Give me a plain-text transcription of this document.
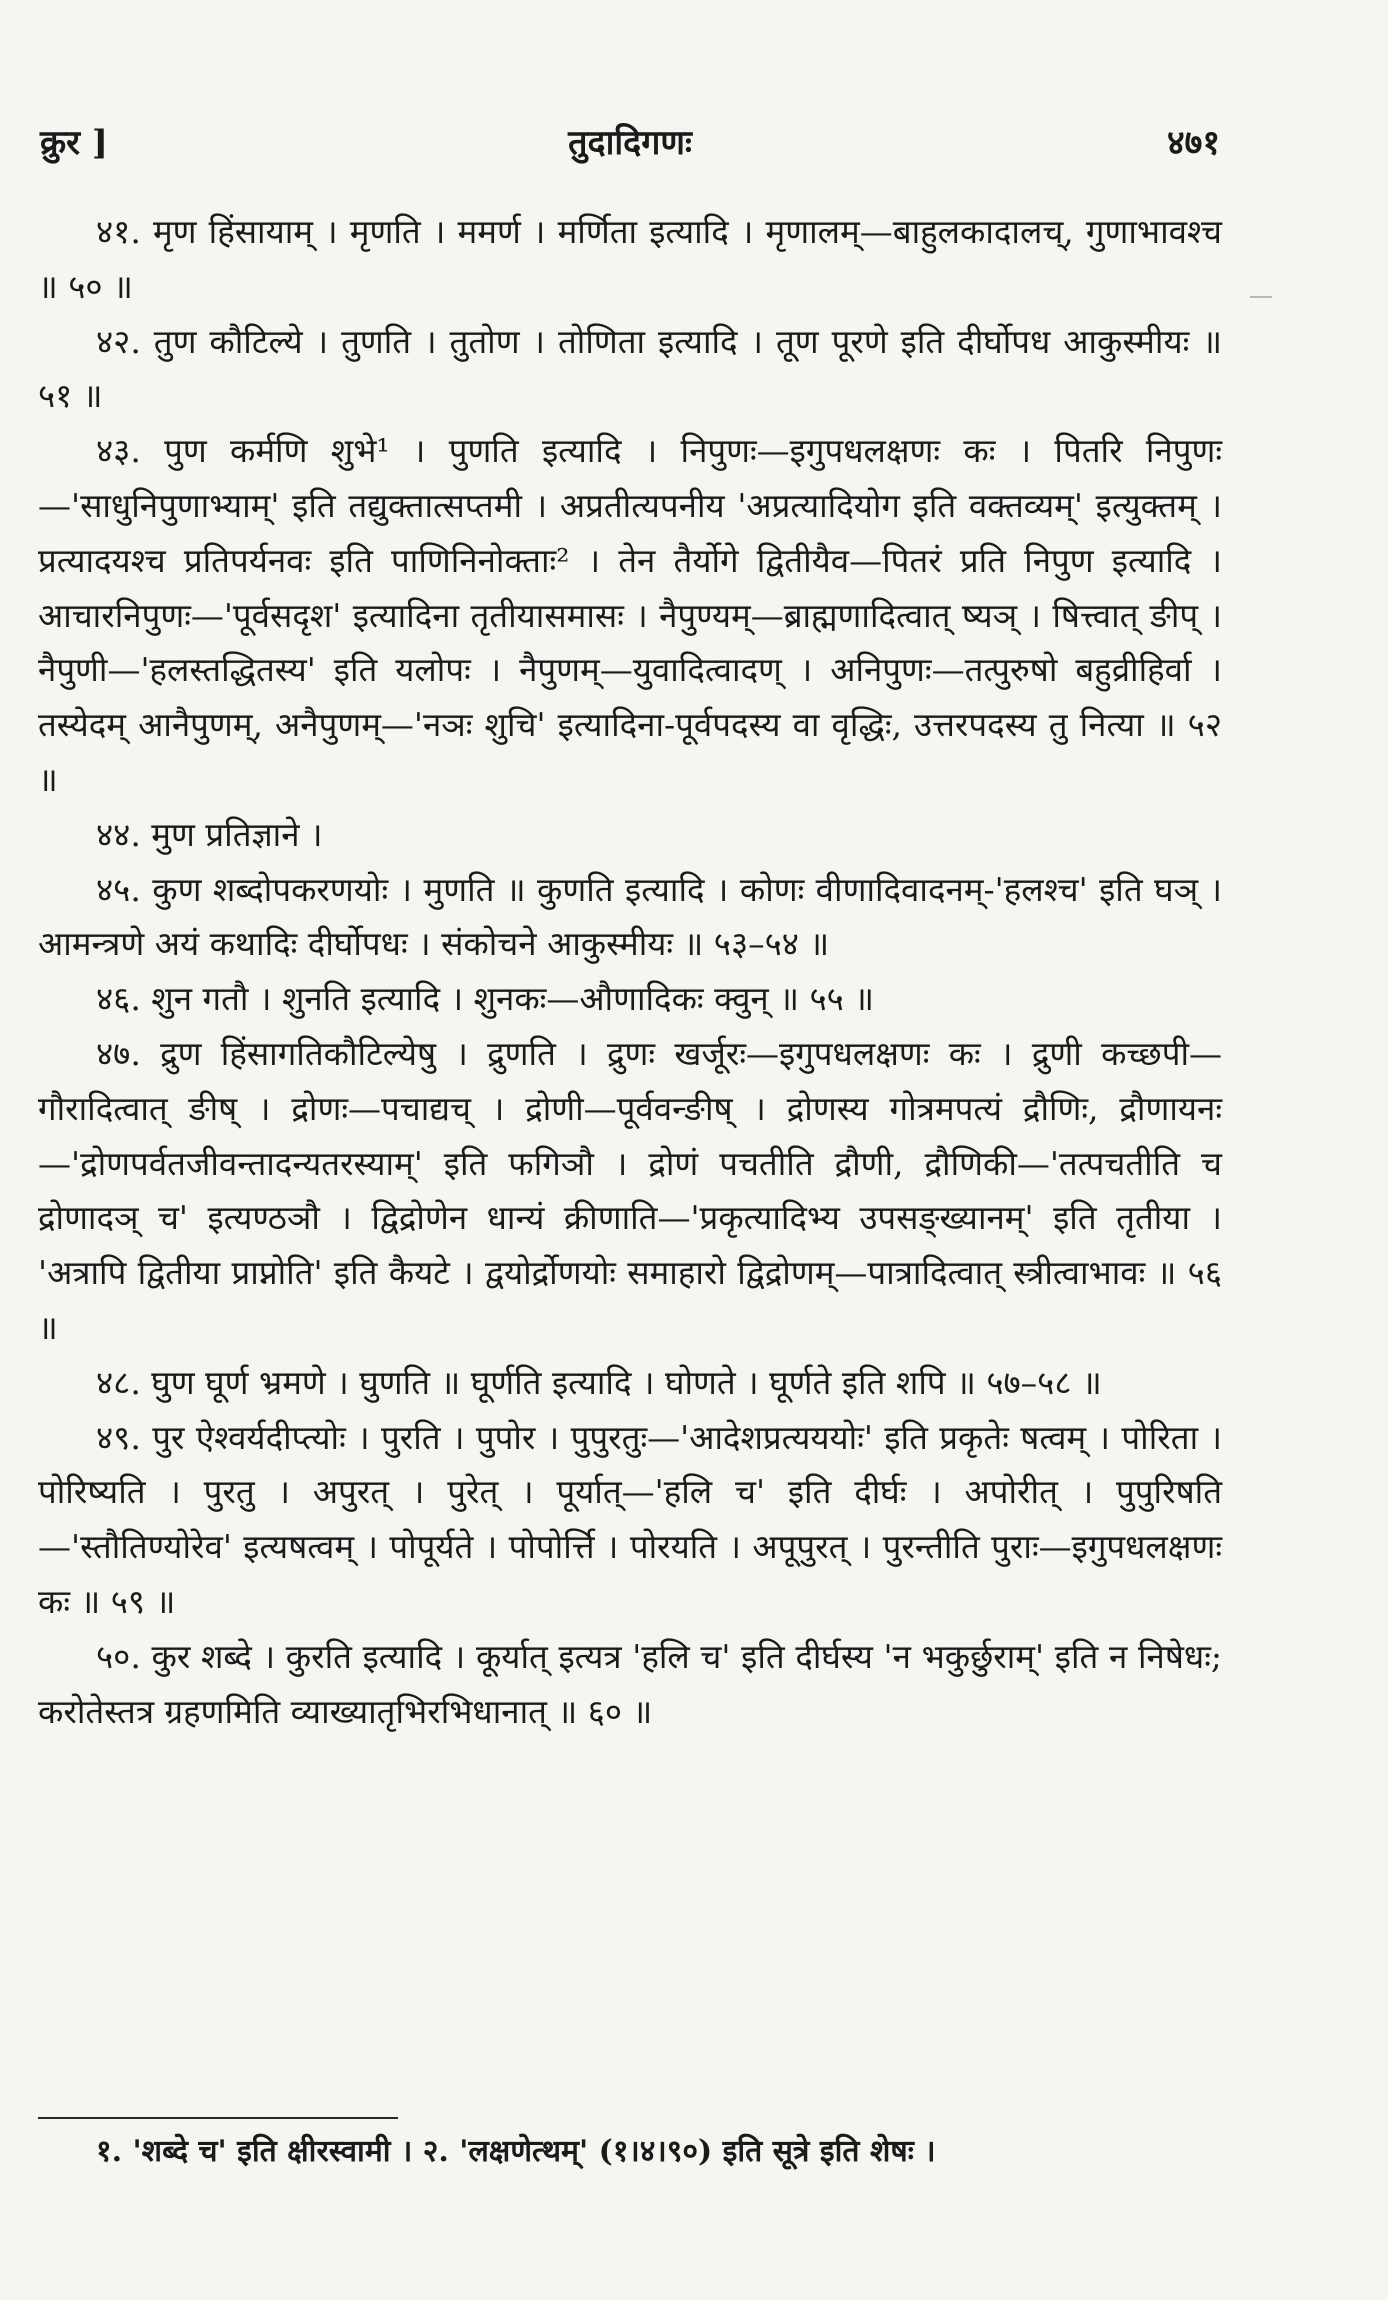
क्रुर ]	तुदादिगणः	४७१

४१. मृण हिंसायाम् । मृणति । ममर्ण । मर्णिता इत्यादि । मृणालम्—बाहुलकादालच्, गुणाभावश्च ॥ ५० ॥

४२. तुण कौटिल्ये । तुणति । तुतोण । तोणिता इत्यादि । तूण पूरणे इति दीर्घोपध आकुस्मीयः ॥ ५१ ॥

४३. पुण कर्मणि शुभे¹ । पुणति इत्यादि । निपुणः—इगुपधलक्षणः कः । पितरि निपुणः—'साधुनिपुणाभ्याम्' इति तद्युक्तात्सप्तमी । अप्रतीत्यपनीय 'अप्रत्यादियोग इति वक्तव्यम्' इत्युक्तम् । प्रत्यादयश्च प्रतिपर्यनवः इति पाणिनिनोक्ताः² । तेन तैर्योगे द्वितीयैव—पितरं प्रति निपुण इत्यादि । आचारनिपुणः—'पूर्वसदृश' इत्यादिना तृतीयासमासः । नैपुण्यम्—ब्राह्मणादित्वात् ष्यञ् । षित्त्वात् ङीप् । नैपुणी—'हलस्तद्धितस्य' इति यलोपः । नैपुणम्—युवादित्वादण् । अनिपुणः—तत्पुरुषो बहुव्रीहिर्वा । तस्येदम् आनैपुणम्, अनैपुणम्—'नञः शुचि' इत्यादिना-पूर्वपदस्य वा वृद्धिः, उत्तरपदस्य तु नित्या ॥ ५२ ॥

४४. मुण प्रतिज्ञाने ।

४५. कुण शब्दोपकरणयोः । मुणति ॥ कुणति इत्यादि । कोणः वीणादिवादनम्-'हलश्च' इति घञ् । आमन्त्रणे अयं कथादिः दीर्घोपधः । संकोचने आकुस्मीयः ॥ ५३–५४ ॥

४६. शुन गतौ । शुनति इत्यादि । शुनकः—औणादिकः क्वुन् ॥ ५५ ॥

४७. द्रुण हिंसागतिकौटिल्येषु । द्रुणति । द्रुणः खर्जूरः—इगुपधलक्षणः कः । द्रुणी कच्छपी—गौरादित्वात् ङीष् । द्रोणः—पचाद्यच् । द्रोणी—पूर्ववन्ङीष् । द्रोणस्य गोत्रमपत्यं द्रौणिः, द्रौणायनः—'द्रोणपर्वतजीवन्तादन्यतरस्याम्' इति फगिञौ । द्रोणं पचतीति द्रौणी, द्रौणिकी—'तत्पचतीति च द्रोणादञ् च' इत्यण्ठञौ । द्विद्रोणेन धान्यं क्रीणाति—'प्रकृत्यादिभ्य उपसङ्ख्यानम्' इति तृतीया । 'अत्रापि द्वितीया प्राप्नोति' इति कैयटे । द्वयोर्द्रोणयोः समाहारो द्विद्रोणम्—पात्रादित्वात् स्त्रीत्वाभावः ॥ ५६ ॥

४८. घुण घूर्ण भ्रमणे । घुणति ॥ घूर्णति इत्यादि । घोणते । घूर्णते इति शपि ॥ ५७–५८ ॥

४९. पुर ऐश्वर्यदीप्त्योः । पुरति । पुपोर । पुपुरतुः—'आदेशप्रत्यययोः' इति प्रकृतेः षत्वम् । पोरिता । पोरिष्यति । पुरतु । अपुरत् । पुरेत् । पूर्यात्—'हलि च' इति दीर्घः । अपोरीत् । पुपुरिषति—'स्तौतिण्योरेव' इत्यषत्वम् । पोपूर्यते । पोपोर्त्ति । पोरयति । अपूपुरत् । पुरन्तीति पुराः—इगुपधलक्षणः कः ॥ ५९ ॥

५०. कुर शब्दे । कुरति इत्यादि । कूर्यात् इत्यत्र 'हलि च' इति दीर्घस्य 'न भकुर्छुराम्' इति न निषेधः; करोतेस्तत्र ग्रहणमिति व्याख्यातृभिरभिधानात् ॥ ६० ॥

१. 'शब्दे च' इति क्षीरस्वामी । २. 'लक्षणेत्थम्' (१।४।९०) इति सूत्रे इति शेषः ।
